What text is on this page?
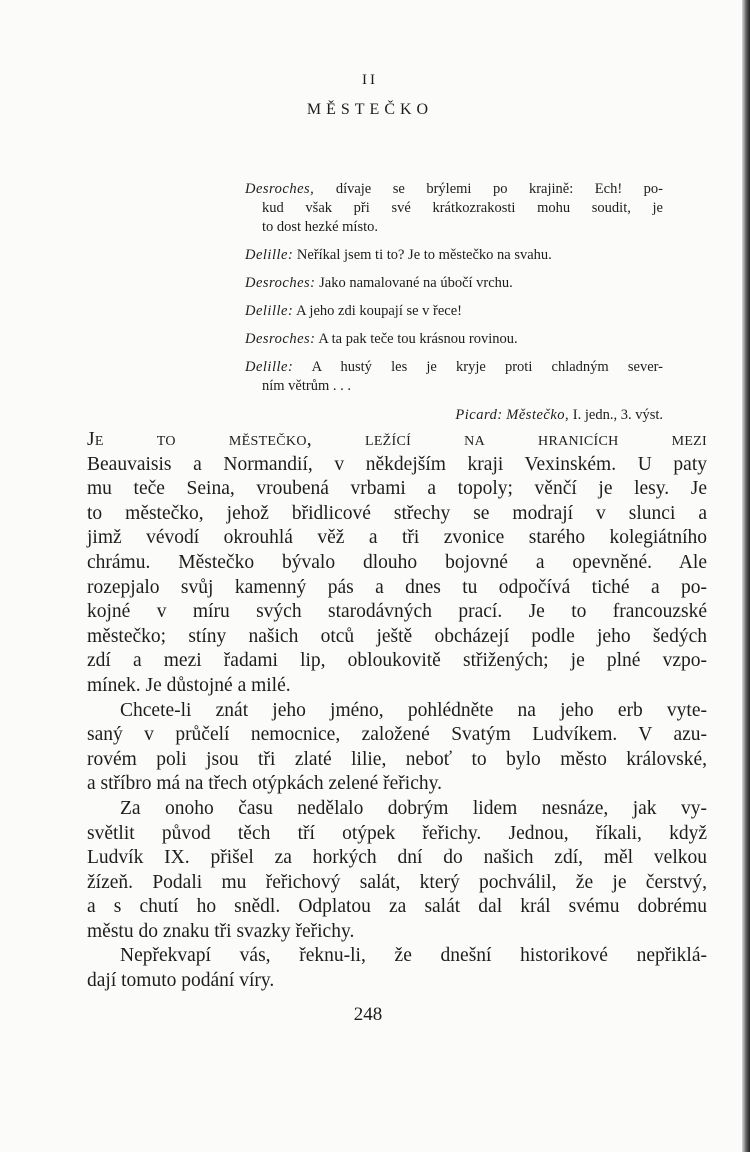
II
MĚSTEČKO
Desroches, dívaje se brýlemi po krajině: Ech! po-
kud však při své krátkozrakosti mohu soudit, je
to dost hezké místo.
Delille: Neříkal jsem ti to? Je to městečko na svahu.
Desroches: Jako namalované na úbočí vrchu.
Delille: A jeho zdi koupají se v řece!
Desroches: A ta pak teče tou krásnou rovinou.
Delille: A hustý les je kryje proti chladným sever-
ním větrům . . .
Picard: Městečko, I. jedn., 3. výst.
Je to městečko, ležící na hranicích mezi
Beauvaisis a Normandií, v někdejším kraji Vexinském. U paty
mu teče Seina, vroubená vrbami a topoly; věnčí je lesy. Je
to městečko, jehož břidlicové střechy se modrají v slunci a
jimž vévodí okrouhlá věž a tři zvonice starého kolegiátního
chrámu. Městečko bývalo dlouho bojovné a opevněné. Ale
rozepjalo svůj kamenný pás a dnes tu odpočívá tiché a po-
kojné v míru svých starodávných prací. Je to francouzské
městečko; stíny našich otců ještě obcházejí podle jeho šedých
zdí a mezi řadami lip, obloukovitě střižených; je plné vzpo-
mínek. Je důstojné a milé.
Chcete-li znát jeho jméno, pohlédněte na jeho erb vyte-
saný v průčelí nemocnice, založené Svatým Ludvíkem. V azu-
rovém poli jsou tři zlaté lilie, neboť to bylo město královské,
a stříbro má na třech otýpkách zelené řeřichy.
Za onoho času nedělalo dobrým lidem nesnáze, jak vy-
světlit původ těch tří otýpek řeřichy. Jednou, říkali, když
Ludvík IX. přišel za horkých dní do našich zdí, měl velkou
žízeň. Podali mu řeřichový salát, který pochválil, že je čerstvý,
a s chutí ho snědl. Odplatou za salát dal král svému dobrému
městu do znaku tři svazky řeřichy.
Nepřekvapí vás, řeknu-li, že dnešní historikové nepřiklá-
dají tomuto podání víry.
248
